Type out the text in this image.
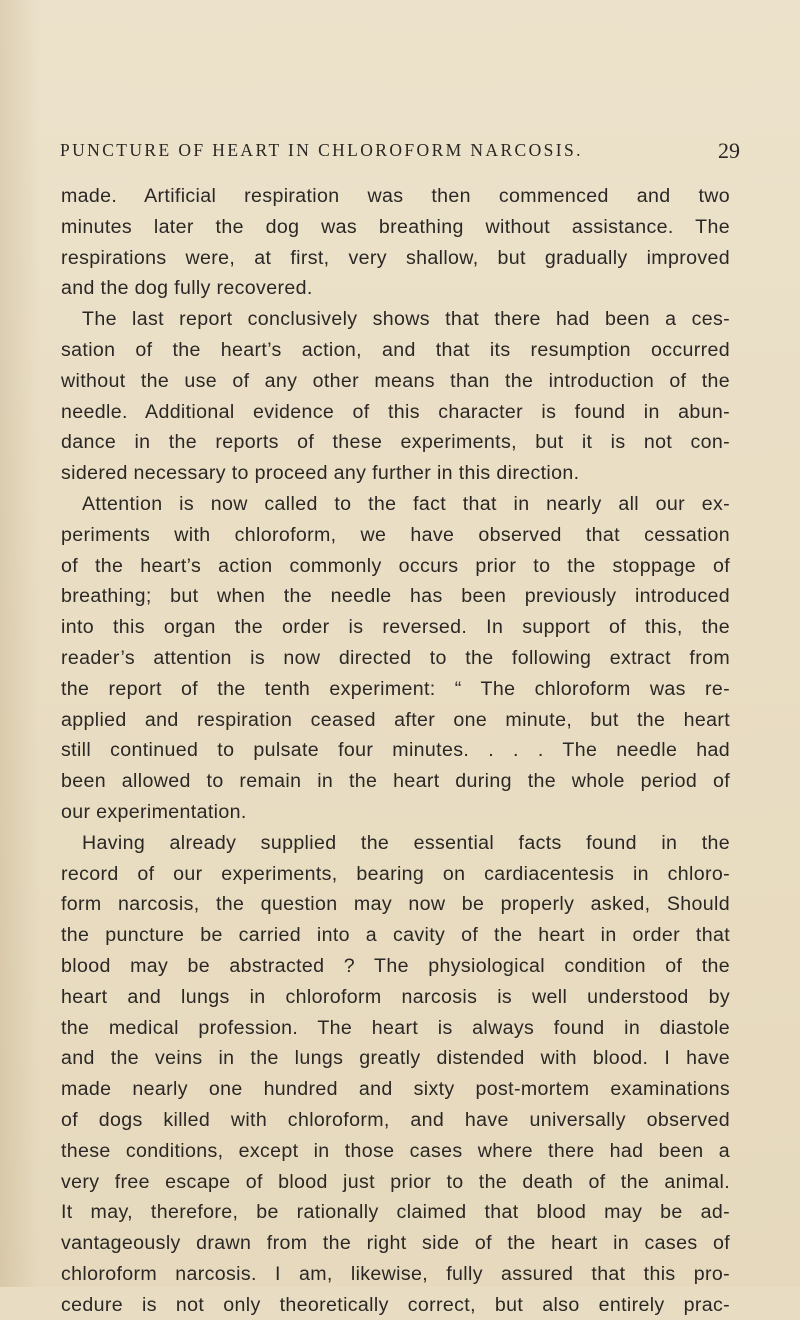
PUNCTURE OF HEART IN CHLOROFORM NARCOSIS.	29
made. Artificial respiration was then commenced and two
minutes later the dog was breathing without assistance. The
respirations were, at first, very shallow, but gradually improved
and the dog fully recovered.
The last report conclusively shows that there had been a ces-
sation of the heart’s action, and that its resumption occurred
without the use of any other means than the introduction of the
needle. Additional evidence of this character is found in abun-
dance in the reports of these experiments, but it is not con-
sidered necessary to proceed any further in this direction.
Attention is now called to the fact that in nearly all our ex-
periments with chloroform, we have observed that cessation
of the heart’s action commonly occurs prior to the stoppage of
breathing; but when the needle has been previously introduced
into this organ the order is reversed. In support of this, the
reader’s attention is now directed to the following extract from
the report of the tenth experiment: “ The chloroform was re-
applied and respiration ceased after one minute, but the heart
still continued to pulsate four minutes. . . . The needle had
been allowed to remain in the heart during the whole period of
our experimentation.
Having already supplied the essential facts found in the
record of our experiments, bearing on cardiacentesis in chloro-
form narcosis, the question may now be properly asked, Should
the puncture be carried into a cavity of the heart in order that
blood may be abstracted ? The physiological condition of the
heart and lungs in chloroform narcosis is well understood by
the medical profession. The heart is always found in diastole
and the veins in the lungs greatly distended with blood. I have
made nearly one hundred and sixty post-mortem examinations
of dogs killed with chloroform, and have universally observed
these conditions, except in those cases where there had been a
very free escape of blood just prior to the death of the animal.
It may, therefore, be rationally claimed that blood may be ad-
vantageously drawn from the right side of the heart in cases of
chloroform narcosis. I am, likewise, fully assured that this pro-
cedure is not only theoretically correct, but also entirely prac-
